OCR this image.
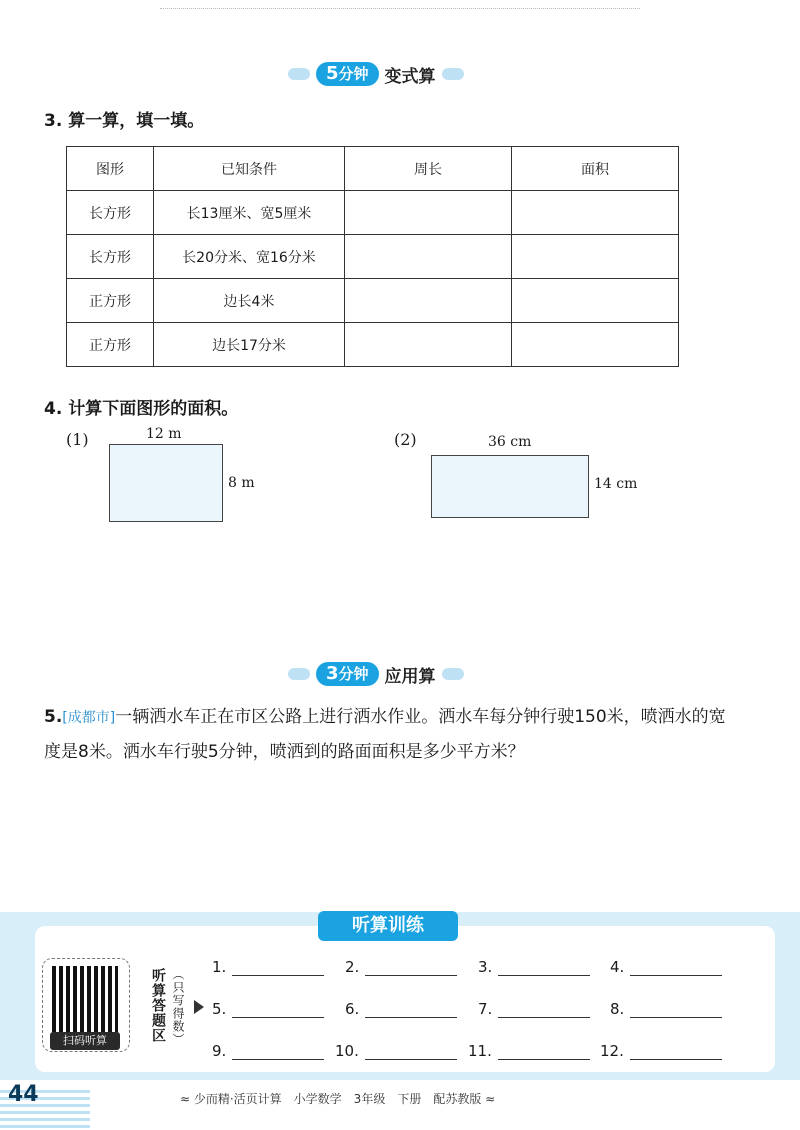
5分钟 变式算
3. 算一算，填一填。
图形	已知条件	周长	面积
长方形	长13厘米、宽5厘米		
长方形	长20分米、宽16分米		
正方形	边长4米		
正方形	边长17分米		
4. 计算下面图形的面积。
(1)	12 m
8 m
(2)	36 cm
14 cm
3分钟 应用算
5.[成都市]一辆洒水车正在市区公路上进行洒水作业。洒水车每分钟行驶150米，喷洒水的宽度是8米。洒水车行驶5分钟，喷洒到的路面面积是多少平方米？
听算训练
扫码听算	听算答题区 （只写得数）
1.	2.	3.	4.
5.	6.	7.	8.
9.	10.	11.	12.
44	≈ 少而精·活页计算　小学数学　3年级　下册　配苏教版 ≈
